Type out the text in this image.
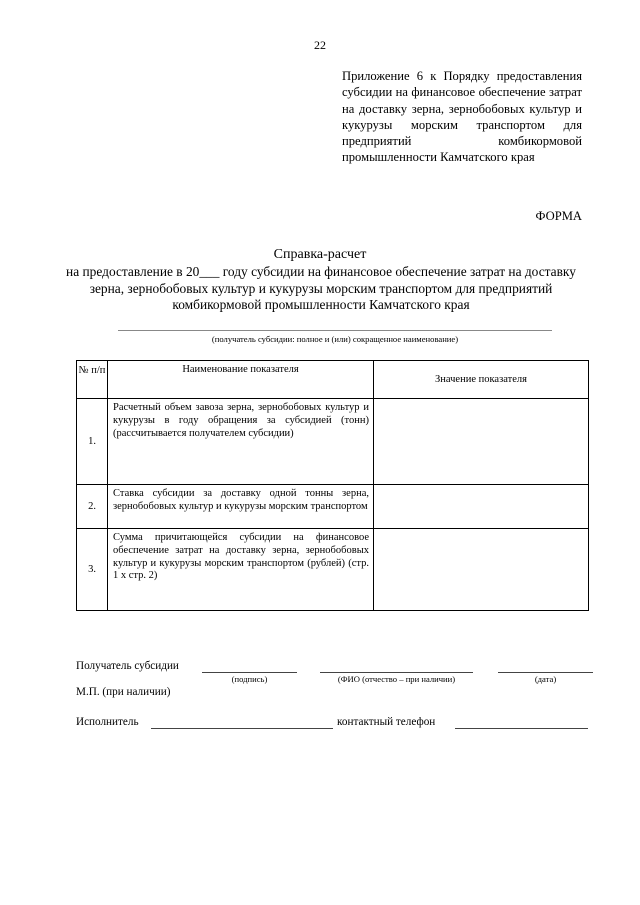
22
Приложение 6 к Порядку предоставления субсидии на финансовое обеспечение затрат на доставку зерна, зернобобовых культур и кукурузы морским транспортом для предприятий комбикормовой промышленности Камчатского края
ФОРМА
Справка-расчет
на предоставление в 20___ году субсидии на финансовое обеспечение затрат на доставку зерна, зернобобовых культур и кукурузы морским транспортом для предприятий комбикормовой промышленности Камчатского края
(получатель субсидии: полное и (или) сокращенное наименование)
№ п/п	Наименование показателя	Значение показателя
1.	Расчетный объем завоза зерна, зернобобовых культур и кукурузы в году обращения за субсидией (тонн) (рассчитывается получателем субсидии)	
2.	Ставка субсидии за доставку одной тонны зерна, зернобобовых культур и кукурузы морским транспортом	
3.	Сумма причитающейся субсидии на финансовое обеспечение затрат на доставку зерна, зернобобовых культур и кукурузы морским транспортом (рублей) (стр. 1 х стр. 2)	
Получатель субсидии
(подпись)	(ФИО (отчество – при наличии)	(дата)
М.П. (при наличии)
Исполнитель	контактный телефон
